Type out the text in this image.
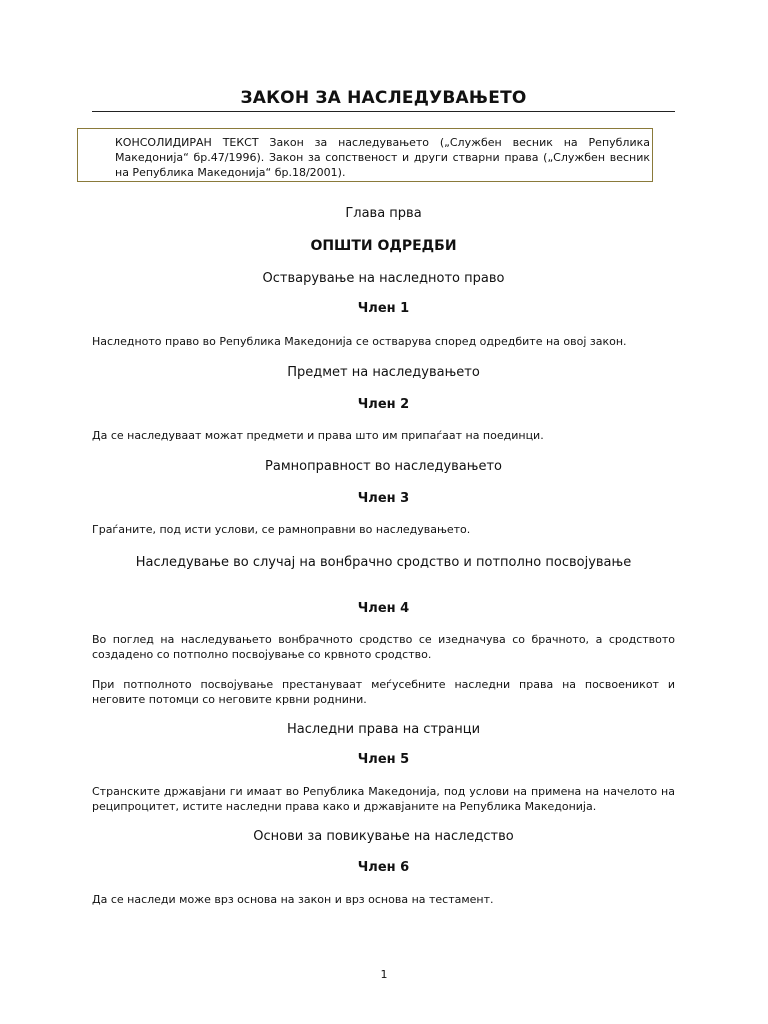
ЗАКОН ЗА НАСЛЕДУВАЊЕТО
КОНСОЛИДИРАН ТЕКСТ Закон за наследувањето („Службен весник на Република Македонија“ бр.47/1996). Закон за сопственост и други стварни права („Службен весник на Република Македонија“ бр.18/2001).
Глава прва
ОПШТИ ОДРЕДБИ
Остварување на наследното право
Член 1
Наследното право во Република Македонија се остварува според одредбите на овој закон.
Предмет на наследувањето
Член 2
Да се наследуваат можат предмети и права што им припаѓаат на поединци.
Рамноправност во наследувањето
Член 3
Граѓаните, под исти услови, се рамноправни во наследувањето.
Наследување во случај на вонбрачно сродство и потполно посвојување
Член 4
Во поглед на наследувањето вонбрачното сродство се изедначува со брачното, а сродството создадено со потполно посвојување со крвното сродство.
При потполното посвојување престануваат меѓусебните наследни права на посвоеникот и неговите потомци со неговите крвни роднини.
Наследни права на странци
Член 5
Странските државјани ги имаат во Република Македонија, под услови на примена на начелото на реципроцитет, истите наследни права како и државјаните на Република Македонија.
Основи за повикување на наследство
Член 6
Да се наследи може врз основа на закон и врз основа на тестамент.
1
